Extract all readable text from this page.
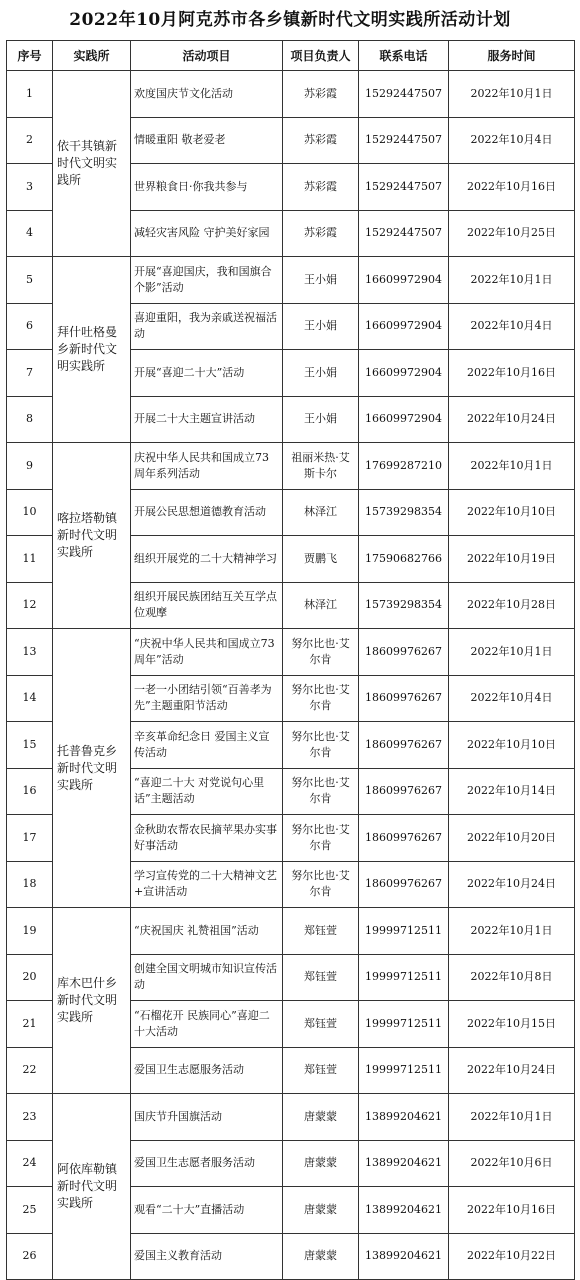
2022年10月阿克苏市各乡镇新时代文明实践所活动计划
序号	实践所	活动项目	项目负责人	联系电话	服务时间
1	依干其镇新时代文明实践所	欢度国庆节文化活动	苏彩霞	15292447507	2022年10月1日
2		情暖重阳 敬老爱老	苏彩霞	15292447507	2022年10月4日
3		世界粮食日·你我共参与	苏彩霞	15292447507	2022年10月16日
4		减轻灾害风险 守护美好家园	苏彩霞	15292447507	2022年10月25日
5	拜什吐格曼乡新时代文明实践所	开展“喜迎国庆，我和国旗合个影”活动	王小娟	16609972904	2022年10月1日
6		喜迎重阳，我为亲戚送祝福活动	王小娟	16609972904	2022年10月4日
7		开展“喜迎二十大”活动	王小娟	16609972904	2022年10月16日
8		开展二十大主题宣讲活动	王小娟	16609972904	2022年10月24日
9	喀拉塔勒镇新时代文明实践所	庆祝中华人民共和国成立73周年系列活动	祖丽米热·艾斯卡尔	17699287210	2022年10月1日
10		开展公民思想道德教育活动	林泽江	15739298354	2022年10月10日
11		组织开展党的二十大精神学习	贾鹏飞	17590682766	2022年10月19日
12		组织开展民族团结互关互学点位观摩	林泽江	15739298354	2022年10月28日
13	托普鲁克乡新时代文明实践所	“庆祝中华人民共和国成立73周年”活动	努尔比也·艾尔肯	18609976267	2022年10月1日
14		一老一小团结引领“百善孝为先”主题重阳节活动	努尔比也·艾尔肯	18609976267	2022年10月4日
15		辛亥革命纪念日 爱国主义宣传活动	努尔比也·艾尔肯	18609976267	2022年10月10日
16		“喜迎二十大 对党说句心里话”主题活动	努尔比也·艾尔肯	18609976267	2022年10月14日
17		金秋助农帮农民摘苹果办实事好事活动	努尔比也·艾尔肯	18609976267	2022年10月20日
18		学习宣传党的二十大精神文艺+宣讲活动	努尔比也·艾尔肯	18609976267	2022年10月24日
19	库木巴什乡新时代文明实践所	“庆祝国庆 礼赞祖国”活动	郑钰萱	19999712511	2022年10月1日
20		创建全国文明城市知识宣传活动	郑钰萱	19999712511	2022年10月8日
21		“石榴花开 民族同心”喜迎二十大活动	郑钰萱	19999712511	2022年10月15日
22		爱国卫生志愿服务活动	郑钰萱	19999712511	2022年10月24日
23	阿依库勒镇新时代文明实践所	国庆节升国旗活动	唐蒙蒙	13899204621	2022年10月1日
24		爱国卫生志愿者服务活动	唐蒙蒙	13899204621	2022年10月6日
25		观看“二十大”直播活动	唐蒙蒙	13899204621	2022年10月16日
26		爱国主义教育活动	唐蒙蒙	13899204621	2022年10月22日
